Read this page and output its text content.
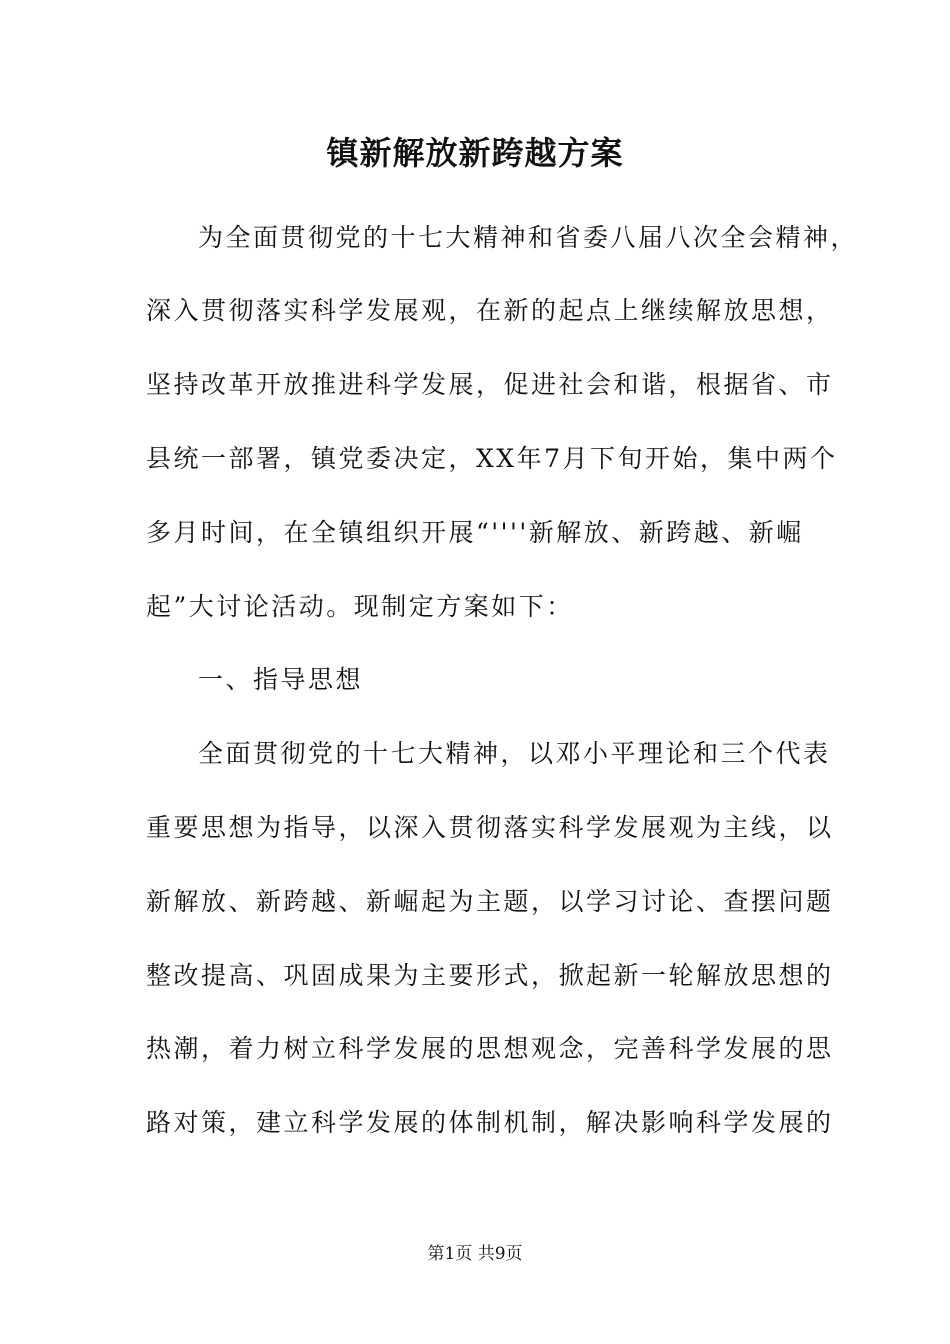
镇新解放新跨越方案

为全面贯彻党的十七大精神和省委八届八次全会精神，

深入贯彻落实科学发展观，在新的起点上继续解放思想，

坚持改革开放推进科学发展，促进社会和谐，根据省、市

县统一部署，镇党委决定，XX年7月下旬开始，集中两个

多月时间，在全镇组织开展“''''新解放、新跨越、新崛

起”大讨论活动。现制定方案如下：

一、指导思想

全面贯彻党的十七大精神，以邓小平理论和三个代表

重要思想为指导，以深入贯彻落实科学发展观为主线，以

新解放、新跨越、新崛起为主题，以学习讨论、查摆问题

整改提高、巩固成果为主要形式，掀起新一轮解放思想的

热潮，着力树立科学发展的思想观念，完善科学发展的思

路对策，建立科学发展的体制机制，解决影响科学发展的

第1页 共9页
